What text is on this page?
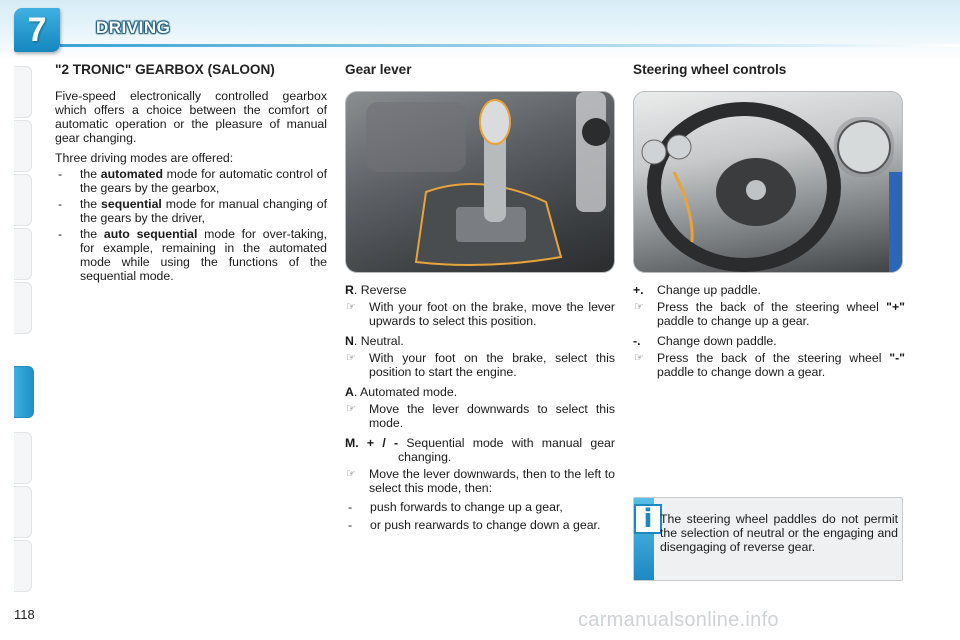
7	DRIVING
"2 TRONIC" GEARBOX (SALOON)

Five-speed electronically controlled gearbox which offers a choice between the comfort of automatic operation or the pleasure of manual gear changing.

Three driving modes are offered:

- the automated mode for automatic control of the gears by the gearbox,
- the sequential mode for manual changing of the gears by the driver,
- the auto sequential mode for over-taking, for example, remaining in the automated mode while using the functions of the sequential mode.
Gear lever
R. Reverse
☞ With your foot on the brake, move the lever upwards to select this position.
N. Neutral.
☞ With your foot on the brake, select this position to start the engine.
A. Automated mode.
☞ Move the lever downwards to select this mode.
M. + / - Sequential mode with manual gear changing.
☞ Move the lever downwards, then to the left to select this mode, then:
- push forwards to change up a gear,
- or push rearwards to change down a gear.
Steering wheel controls
+. Change up paddle.
☞ Press the back of the steering wheel "+" paddle to change up a gear.
-. Change down paddle.
☞ Press the back of the steering wheel "-" paddle to change down a gear.
i The steering wheel paddles do not permit the selection of neutral or the engaging and disengaging of reverse gear.
118	carmanualsonline.info
